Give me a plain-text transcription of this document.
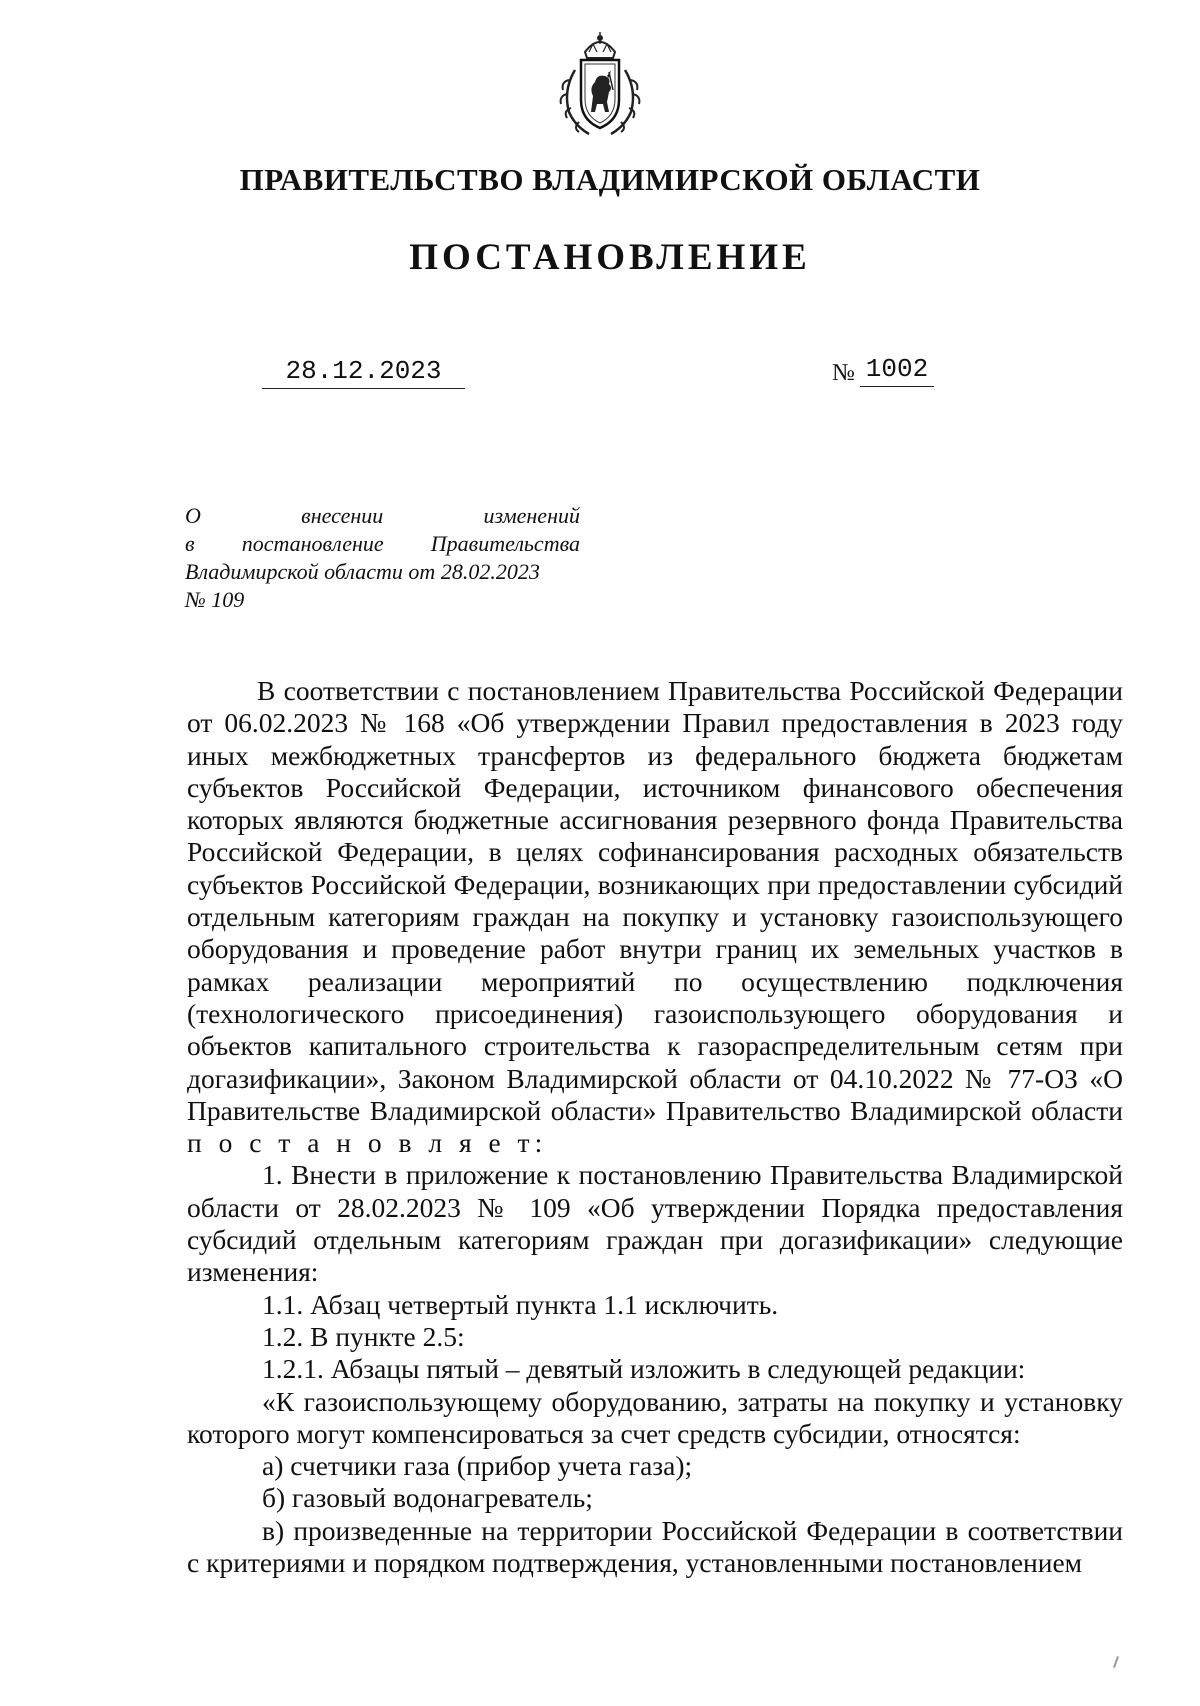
ПРАВИТЕЛЬСТВО ВЛАДИМИРСКОЙ ОБЛАСТИ
ПОСТАНОВЛЕНИЕ
28.12.2023	№ 1002
О	внесении	изменений
в постановление Правительства
Владимирской области от 28.02.2023
№ 109

В соответствии с постановлением Правительства Российской Федерации от 06.02.2023 № 168 «Об утверждении Правил предоставления в 2023 году иных межбюджетных трансфертов из федерального бюджета бюджетам субъектов Российской Федерации, источником финансового обеспечения которых являются бюджетные ассигнования резервного фонда Правительства Российской Федерации, в целях софинансирования расходных обязательств субъектов Российской Федерации, возникающих при предоставлении субсидий отдельным категориям граждан на покупку и установку газоиспользующего оборудования и проведение работ внутри границ их земельных участков в рамках реализации мероприятий по осуществлению подключения (технологического присоединения) газоиспользующего оборудования и объектов капитального строительства к газораспределительным сетям при догазификации», Законом Владимирской области от 04.10.2022 № 77-ОЗ «О Правительстве Владимирской области» Правительство Владимирской области п о с т а н о в л я е т:

1. Внести в приложение к постановлению Правительства Владимирской области от 28.02.2023 № 109 «Об утверждении Порядка предоставления субсидий отдельным категориям граждан при догазификации» следующие изменения:

1.1. Абзац четвертый пункта 1.1 исключить.

1.2. В пункте 2.5:

1.2.1. Абзацы пятый – девятый изложить в следующей редакции:

«К газоиспользующему оборудованию, затраты на покупку и установку которого могут компенсироваться за счет средств субсидии, относятся:

а) счетчики газа (прибор учета газа);

б) газовый водонагреватель;

в) произведенные на территории Российской Федерации в соответствии с критериями и порядком подтверждения, установленными постановлением
